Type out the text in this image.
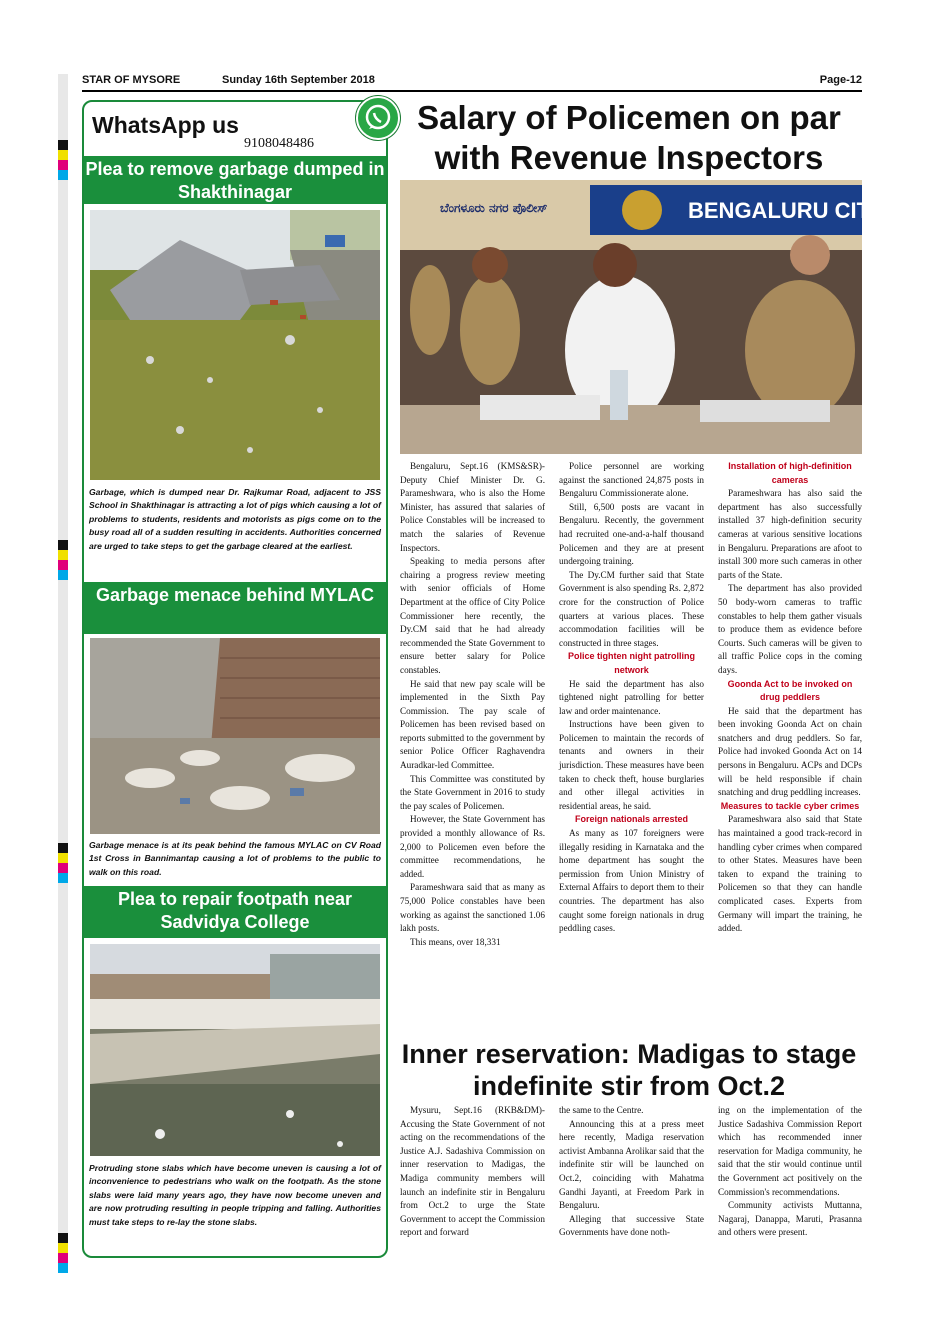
STAR OF MYSORE	Sunday 16th September 2018	Page-12
WhatsApp us
9108048486
Plea to remove garbage dumped in Shakthinagar
Garbage, which is dumped near Dr. Rajkumar Road, adjacent to JSS School in Shakthinagar is attracting a lot of pigs which causing a lot of problems to students, residents and motorists as pigs come on to the busy road all of a sudden resulting in accidents. Authorities concerned are urged to take steps to get the garbage cleared at the earliest.
Garbage menace behind MYLAC
Garbage menace is at its peak behind the famous MYLAC on CV Road 1st Cross in Bannimantap causing a lot of problems to the public to walk on this road.
Plea to repair footpath near Sadvidya College
Protruding stone slabs which have become uneven is causing a lot of inconvenience to pedestrians who walk on the footpath. As the stone slabs were laid many years ago, they have now become uneven and are now protruding resulting in people tripping and falling. Authorities must take steps to re-lay the stone slabs.
Salary of Policemen on par with Revenue Inspectors
BENGALURU CITY POLI
ಬೆಂಗಳೂರು ನಗರ ಪೊಲೀಸ್

Bengaluru, Sept.16 (KMS&SR)- Deputy Chief Minister Dr. G. Parameshwara, who is also the Home Minister, has assured that salaries of Police Constables will be increased to match the salaries of Revenue Inspectors.

Speaking to media persons after chairing a progress review meeting with senior officials of Home Department at the office of City Police Commissioner here recently, the Dy.CM said that he had already recommended the State Government to ensure better salary for Police constables.

He said that new pay scale will be implemented in the Sixth Pay Commission. The pay scale of Policemen has been revised based on reports submitted to the government by senior Police Officer Raghavendra Auradkar-led Committee.

This Committee was constituted by the State Government in 2016 to study the pay scales of Policemen.

However, the State Government has provided a monthly allowance of Rs. 2,000 to Policemen even before the committee recommendations, he added.

Parameshwara said that as many as 75,000 Police constables have been working as against the sanctioned 1.06 lakh posts.

This means, over 18,331

Police personnel are working against the sanctioned 24,875 posts in Bengaluru Commissionerate alone.

Still, 6,500 posts are vacant in Bengaluru. Recently, the government had recruited one-and-a-half thousand Policemen and they are at present undergoing training.

The Dy.CM further said that State Government is also spending Rs. 2,872 crore for the construction of Police quarters at various places. These accommodation facilities will be constructed in three stages.

Police tighten night patrolling network

He said the department has also tightened night patrolling for better law and order maintenance.

Instructions have been given to Policemen to maintain the records of tenants and owners in their jurisdiction. These measures have been taken to check theft, house burglaries and other illegal activities in residential areas, he said.

Foreign nationals arrested

As many as 107 foreigners were illegally residing in Karnataka and the home department has sought the permission from Union Ministry of External Affairs to deport them to their countries. The department has also caught some foreign nationals in drug peddling cases.

Installation of high-definition cameras

Parameshwara has also said the department has also successfully installed 37 high-definition security cameras at various sensitive locations in Bengaluru. Preparations are afoot to install 300 more such cameras in other parts of the State.

The department has also provided 50 body-worn cameras to traffic constables to help them gather visuals to produce them as evidence before Courts. Such cameras will be given to all traffic Police cops in the coming days.

Goonda Act to be invoked on drug peddlers

He said that the department has been invoking Goonda Act on chain snatchers and drug peddlers. So far, Police had invoked Goonda Act on 14 persons in Bengaluru. ACPs and DCPs will be held responsible if chain snatching and drug peddling increases.

Measures to tackle cyber crimes

Parameshwara also said that State has maintained a good track-record in handling cyber crimes when compared to other States. Measures have been taken to expand the training to Policemen so that they can handle complicated cases. Experts from Germany will impart the training, he added.

Inner reservation: Madigas to stage indefinite stir from Oct.2

Mysuru, Sept.16 (RKB&DM)- Accusing the State Government of not acting on the recommendations of the Justice A.J. Sadashiva Commission on inner reservation to Madigas, the Madiga community members will launch an indefinite stir in Bengaluru from Oct.2 to urge the State Government to accept the Commission report and forward

the same to the Centre.

Announcing this at a press meet here recently, Madiga reservation activist Ambanna Arolikar said that the indefinite stir will be launched on Oct.2, coinciding with Mahatma Gandhi Jayanti, at Freedom Park in Bengaluru.

Alleging that successive State Governments have done noth-

ing on the implementation of the Justice Sadashiva Commission Report which has recommended inner reservation for Madiga community, he said that the stir would continue until the Government act positively on the Commission's recommendations.

Community activists Muttanna, Nagaraj, Danappa, Maruti, Prasanna and others were present.
